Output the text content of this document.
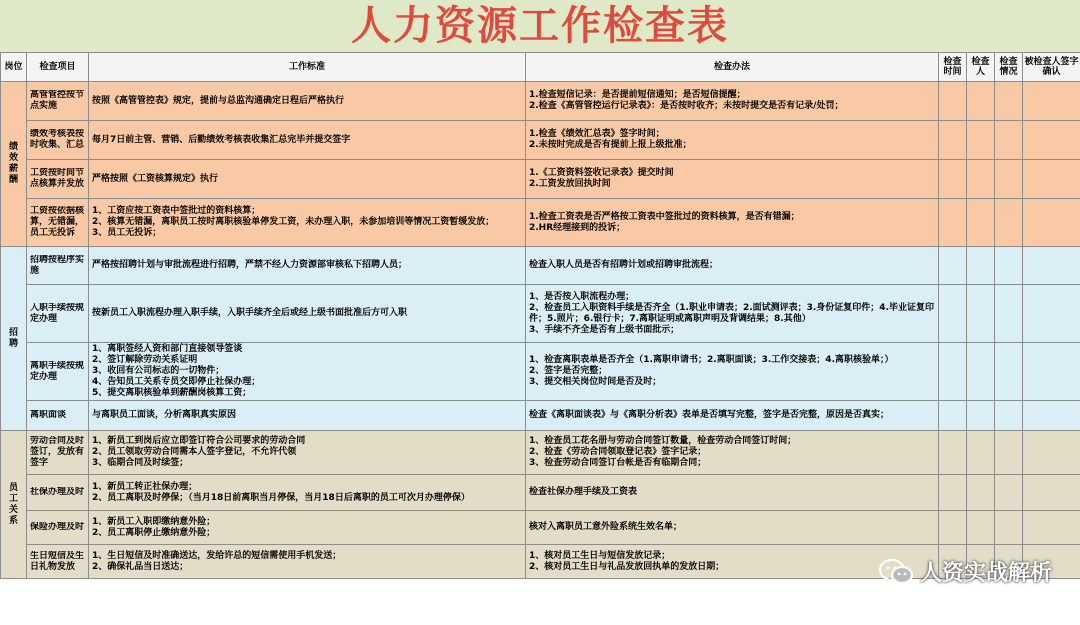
人力资源工作检查表
岗位	检查项目	工作标准	检查办法	检查时间	检查人	检查情况	被检查人签字确认

绩效薪酬	高管管控按节点实施	按照《高管管控表》规定，提前与总监沟通确定日程后严格执行	1.检查短信记录：是否提前短信通知；是否短信提醒；
2.检查《高管管控运行记录表》：是否按时收齐；未按时提交是否有记录/处罚；				

	绩效考核表按时收集、汇总	每月7日前主管、营销、后勤绩效考核表收集汇总完毕并提交签字	1.检查《绩效汇总表》签字时间；
2.未按时完成是否有提前上报上级批准；				

	工资按时间节点核算并发放	严格按照《工资核算规定》执行	1.《工资资料签收记录表》提交时间
2.工资发放回执时间				

	工资按依据核算，无错漏，员工无投诉	1、工资应按工资表中签批过的资料核算；
2、核算无错漏，离职员工按时离职核验单停发工资，未办理入职，未参加培训等情况工资暂缓发放；
3、员工无投诉；	1.检查工资表是否严格按工资表中签批过的资料核算，是否有错漏；
2.HR经理接到的投诉；				

招聘	招聘按程序实施	严格按招聘计划与审批流程进行招聘，严禁不经人力资源部审核私下招聘人员；	检查入职人员是否有招聘计划或招聘审批流程；				

	入职手续按规定办理	按新员工入职流程办理入职手续，入职手续齐全后或经上级书面批准后方可入职	1、是否按入职流程办理；
2、检查员工入职资料手续是否齐全（1.职业申请表；2.面试测评表；3.身份证复印件；4.毕业证复印件；5.照片；6.银行卡；7.离职证明或离职声明及背调结果；8.其他）
3、手续不齐全是否有上级书面批示；				

	离职手续按规定办理	1、离职签经人资和部门直接领导签谈
2、签订解除劳动关系证明
3、收回有公司标志的一切物件；
4、告知员工关系专员交即停止社保办理；
5、提交离职核验单到薪酬岗核算工资；	1、检查离职表单是否齐全（1.离职申请书；2.离职面谈；3.工作交接表；4.离职核验单；）
2、签字是否完整；
3、提交相关岗位时间是否及时；				

	离职面谈	与离职员工面谈，分析离职真实原因	检查《离职面谈表》与《离职分析表》表单是否填写完整，签字是否完整，原因是否真实；				

员工关系	劳动合同及时签订，发放有签字	1、新员工到岗后应立即签订符合公司要求的劳动合同
2、员工领取劳动合同需本人签字登记，不允许代领
3、临期合同及时续签；	1、检查员工花名册与劳动合同签订数量，检查劳动合同签订时间；
2、检查《劳动合同领取登记表》签字记录；
3、检查劳动合同签订台帐是否有临期合同；				

	社保办理及时	1、新员工转正社保办理；
2、员工离职及时停保；（当月18日前离职当月停保，当月18日后离职的员工可次月办理停保）	检查社保办理手续及工资表				

	保险办理及时	1、新员工入职即缴纳意外险；
2、员工离职停止缴纳意外险；	核对入离职员工意外险系统生效名单；				

	生日短信及生日礼物发放	1、生日短信及时准确送达，发给许总的短信需使用手机发送；
2、确保礼品当日送达；	1、核对员工生日与短信发放记录；
2、核对员工生日与礼品发放回执单的发放日期；				
					人资实战解析
